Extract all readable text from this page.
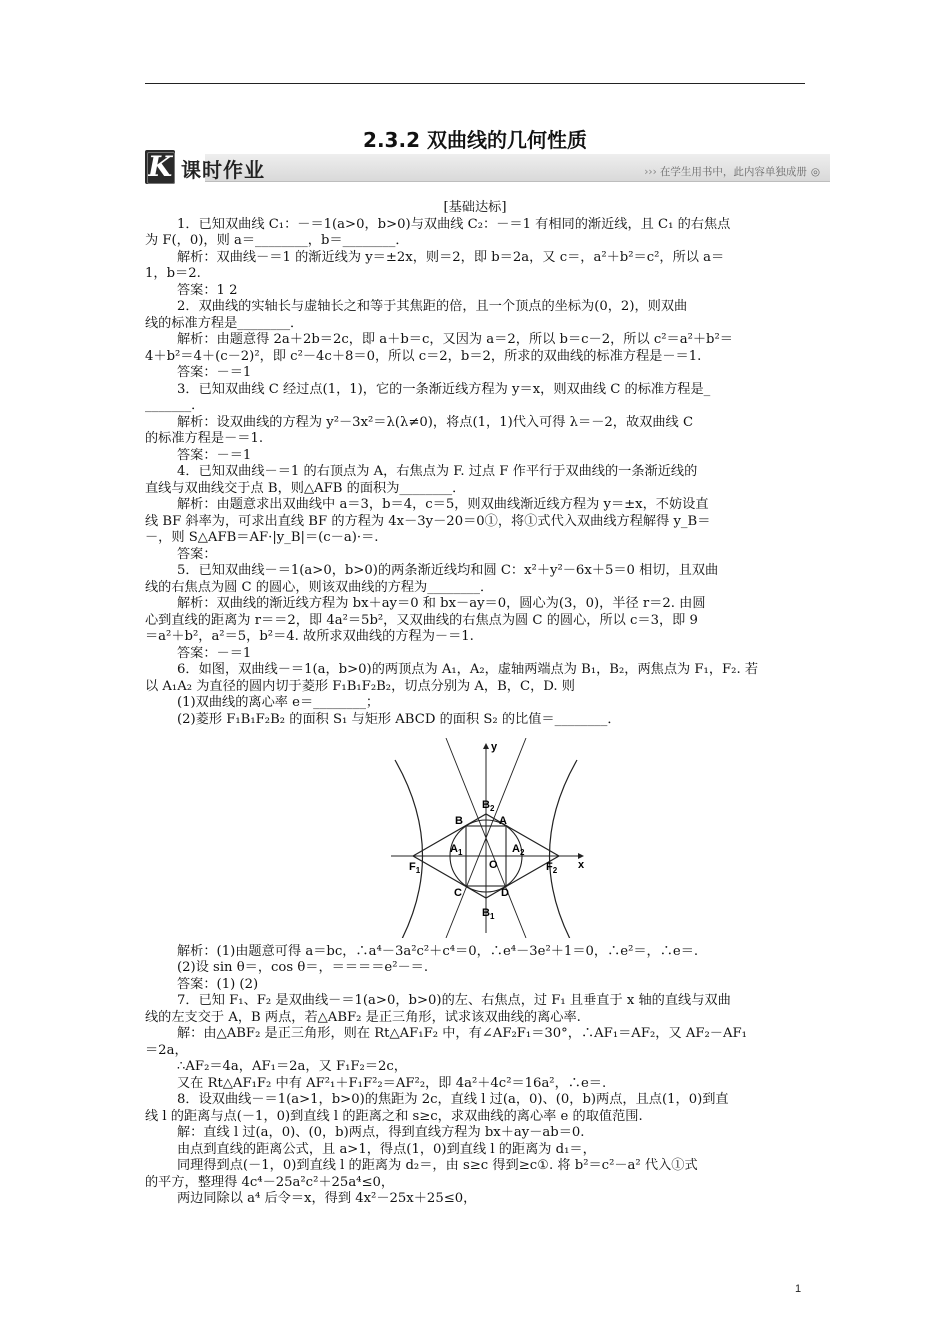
2.3.2 双曲线的几何性质
K 课时作业	››› 在学生用书中，此内容单独成册 ◎
[基础达标]
1．已知双曲线 C₁：－＝1(a>0，b>0)与双曲线 C₂：－＝1 有相同的渐近线，且 C₁ 的右焦点
为 F(，0)，则 a＝________，b＝________．
解析：双曲线－＝1 的渐近线为 y＝±2x，则＝2，即 b＝2a，又 c＝，a²＋b²＝c²，所以 a＝
1，b＝2.
答案：1 2
2．双曲线的实轴长与虚轴长之和等于其焦距的倍，且一个顶点的坐标为(0，2)，则双曲
线的标准方程是________．
解析：由题意得 2a＋2b＝2c，即 a＋b＝c，又因为 a＝2，所以 b＝c－2，所以 c²＝a²＋b²＝
4＋b²＝4＋(c－2)²，即 c²－4c＋8＝0，所以 c＝2，b＝2，所求的双曲线的标准方程是－＝1.
答案：－＝1
3．已知双曲线 C 经过点(1，1)，它的一条渐近线方程为 y＝x，则双曲线 C 的标准方程是_
_______．
解析：设双曲线的方程为 y²－3x²＝λ(λ≠0)，将点(1，1)代入可得 λ＝－2，故双曲线 C
的标准方程是－＝1.
答案：－＝1
4．已知双曲线－＝1 的右顶点为 A，右焦点为 F. 过点 F 作平行于双曲线的一条渐近线的
直线与双曲线交于点 B，则△AFB 的面积为________．
解析：由题意求出双曲线中 a＝3，b＝4，c＝5，则双曲线渐近线方程为 y＝±x，不妨设直
线 BF 斜率为，可求出直线 BF 的方程为 4x－3y－20＝0①，将①式代入双曲线方程解得 y_B＝
－，则 S△AFB＝AF·|y_B|＝(c－a)·＝.
答案：
5．已知双曲线－＝1(a>0，b>0)的两条渐近线均和圆 C：x²＋y²－6x＋5＝0 相切，且双曲
线的右焦点为圆 C 的圆心，则该双曲线的方程为________．
解析：双曲线的渐近线方程为 bx＋ay＝0 和 bx－ay＝0，圆心为(3，0)，半径 r＝2. 由圆
心到直线的距离为 r＝＝2，即 4a²＝5b²，又双曲线的右焦点为圆 C 的圆心，所以 c＝3，即 9
＝a²＋b²，a²＝5，b²＝4. 故所求双曲线的方程为－＝1.
答案：－＝1
6．如图，双曲线－＝1(a，b>0)的两顶点为 A₁，A₂，虚轴两端点为 B₁，B₂，两焦点为 F₁，F₂. 若
以 A₁A₂ 为直径的圆内切于菱形 F₁B₁F₂B₂，切点分别为 A，B，C，D. 则
(1)双曲线的离心率 e＝________；
(2)菱形 F₁B₁F₂B₂ 的面积 S₁ 与矩形 ABCD 的面积 S₂ 的比值＝________．
解析：(1)由题意可得 a＝bc，∴a⁴－3a²c²＋c⁴＝0，∴e⁴－3e²＋1＝0，∴e²＝，∴e＝.
(2)设 sin θ＝，cos θ＝，＝＝＝＝e²－＝.
答案：(1) (2)
7．已知 F₁、F₂ 是双曲线－＝1(a>0，b>0)的左、右焦点，过 F₁ 且垂直于 x 轴的直线与双曲
线的左支交于 A，B 两点，若△ABF₂ 是正三角形，试求该双曲线的离心率.
解：由△ABF₂ 是正三角形，则在 Rt△AF₁F₂ 中，有∠AF₂F₁＝30°，∴AF₁＝AF₂，又 AF₂－AF₁
＝2a，
∴AF₂＝4a，AF₁＝2a，又 F₁F₂＝2c，
又在 Rt△AF₁F₂ 中有 AF²₁＋F₁F²₂＝AF²₂，即 4a²＋4c²＝16a²，∴e＝.
8．设双曲线－＝1(a>1，b>0)的焦距为 2c，直线 l 过(a，0)、(0，b)两点，且点(1，0)到直
线 l 的距离与点(－1，0)到直线 l 的距离之和 s≥c，求双曲线的离心率 e 的取值范围.
解：直线 l 过(a，0)、(0，b)两点，得到直线方程为 bx＋ay－ab＝0.
由点到直线的距离公式，且 a>1，得点(1，0)到直线 l 的距离为 d₁＝，
同理得到点(－1，0)到直线 l 的距离为 d₂＝，由 s≥c 得到≥c①. 将 b²＝c²－a² 代入①式
的平方，整理得 4c⁴－25a²c²＋25a⁴≤0，
两边同除以 a⁴ 后令＝x，得到 4x²－25x＋25≤0，
y
x
O
B	A
C	D
$B_2$
$B_1$
$A_1$	$A_2$
$F_1$	$F_2$
1
